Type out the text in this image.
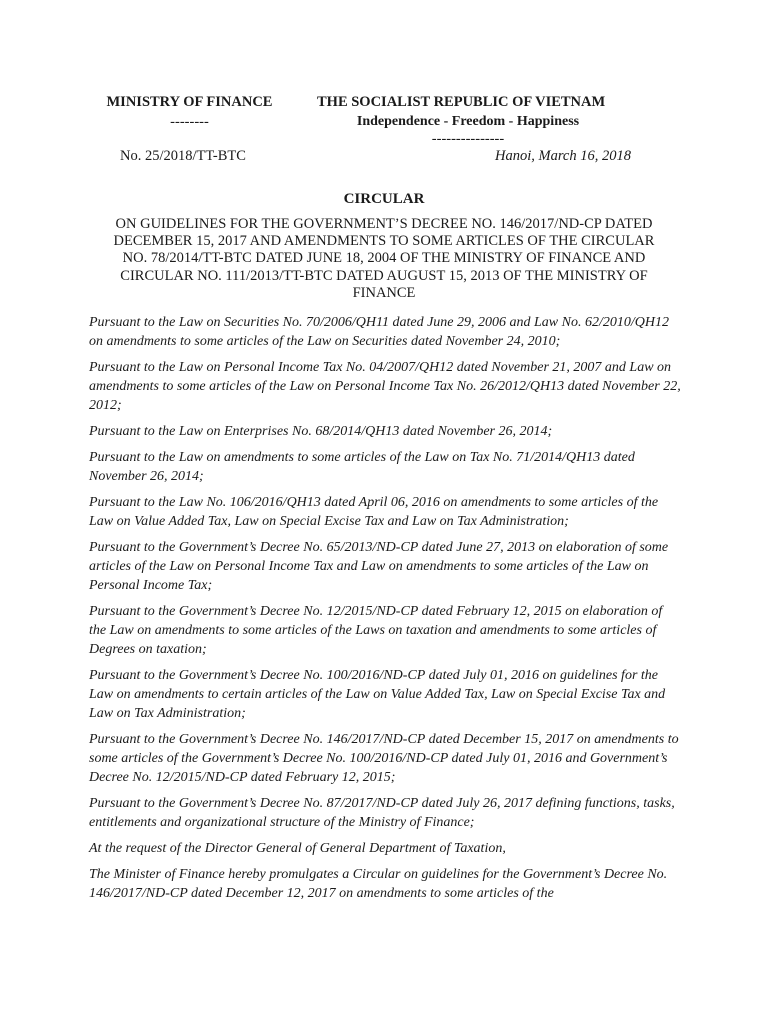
MINISTRY OF FINANCE
--------
No. 25/2018/TT-BTC
THE SOCIALIST REPUBLIC OF VIETNAM
Independence - Freedom - Happiness
---------------
Hanoi, March 16, 2018
CIRCULAR

ON GUIDELINES FOR THE GOVERNMENT’S DECREE NO. 146/2017/ND-CP DATED DECEMBER 15, 2017 AND AMENDMENTS TO SOME ARTICLES OF THE CIRCULAR NO. 78/2014/TT-BTC DATED JUNE 18, 2004 OF THE MINISTRY OF FINANCE AND CIRCULAR NO. 111/2013/TT-BTC DATED AUGUST 15, 2013 OF THE MINISTRY OF FINANCE

Pursuant to the Law on Securities No. 70/2006/QH11 dated June 29, 2006 and Law No. 62/2010/QH12 on amendments to some articles of the Law on Securities dated November 24, 2010;

Pursuant to the Law on Personal Income Tax No. 04/2007/QH12 dated November 21, 2007 and Law on amendments to some articles of the Law on Personal Income Tax No. 26/2012/QH13 dated November 22, 2012;

Pursuant to the Law on Enterprises No. 68/2014/QH13 dated November 26, 2014;

Pursuant to the Law on amendments to some articles of the Law on Tax No. 71/2014/QH13 dated November 26, 2014;

Pursuant to the Law No. 106/2016/QH13 dated April 06, 2016 on amendments to some articles of the Law on Value Added Tax, Law on Special Excise Tax and Law on Tax Administration;

Pursuant to the Government’s Decree No. 65/2013/ND-CP dated June 27, 2013 on elaboration of some articles of the Law on Personal Income Tax and Law on amendments to some articles of the Law on Personal Income Tax;

Pursuant to the Government’s Decree No. 12/2015/ND-CP dated February 12, 2015 on elaboration of the Law on amendments to some articles of the Laws on taxation and amendments to some articles of Degrees on taxation;

Pursuant to the Government’s Decree No. 100/2016/ND-CP dated July 01, 2016 on guidelines for the Law on amendments to certain articles of the Law on Value Added Tax, Law on Special Excise Tax and Law on Tax Administration;

Pursuant to the Government’s Decree No. 146/2017/ND-CP dated December 15, 2017 on amendments to some articles of the Government’s Decree No. 100/2016/ND-CP dated July 01, 2016 and Government’s Decree No. 12/2015/ND-CP dated February 12, 2015;

Pursuant to the Government’s Decree No. 87/2017/ND-CP dated July 26, 2017 defining functions, tasks, entitlements and organizational structure of the Ministry of Finance;

At the request of the Director General of General Department of Taxation,

The Minister of Finance hereby promulgates a Circular on guidelines for the Government’s Decree No. 146/2017/ND-CP dated December 12, 2017 on amendments to some articles of the
